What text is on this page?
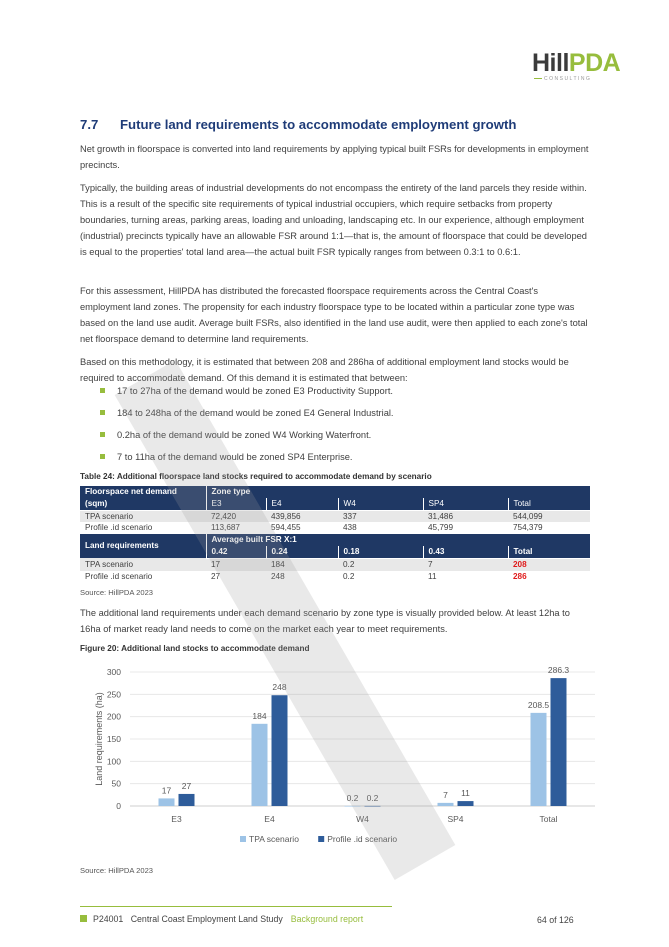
HillPDA
CONSULTING
7.7 Future land requirements to accommodate employment growth

Net growth in floorspace is converted into land requirements by applying typical built FSRs for developments in employment precincts.

Typically, the building areas of industrial developments do not encompass the entirety of the land parcels they reside within. This is a result of the specific site requirements of typical industrial occupiers, which require setbacks from property boundaries, turning areas, parking areas, loading and unloading, landscaping etc. In our experience, although employment (industrial) precincts typically have an allowable FSR around 1:1—that is, the amount of floorspace that could be developed is equal to the properties' total land area—the actual built FSR typically ranges from between 0.3:1 to 0.6:1.

For this assessment, HillPDA has distributed the forecasted floorspace requirements across the Central Coast's employment land zones. The propensity for each industry floorspace type to be located within a particular zone type was based on the land use audit. Average built FSRs, also identified in the land use audit, were then applied to each zone's total net floorspace demand to determine land requirements.

Based on this methodology, it is estimated that between 208 and 286ha of additional employment land stocks would be required to accommodate demand. Of this demand it is estimated that between:

17 to 27ha of the demand would be zoned E3 Productivity Support.
184 to 248ha of the demand would be zoned E4 General Industrial.
0.2ha of the demand would be zoned W4 Working Waterfront.
7 to 11ha of the demand would be zoned SP4 Enterprise.
Table 24: Additional floorspace land stocks required to accommodate demand by scenario
Floorspace net demand	Zone type				
(sqm)	E3	E4	W4	SP4	Total
TPA scenario	72,420	439,856	337	31,486	544,099
Profile .id scenario	113,687	594,455	438	45,799	754,379
Land requirements	Average built FSR X:1				
	0.42	0.24	0.18	0.43	Total
TPA scenario	17	184	0.2	7	208
Profile .id scenario	27	248	0.2	11	286
Source: HillPDA 2023

The additional land requirements under each demand scenario by zone type is visually provided below. At least 12ha to 16ha of market ready land needs to come on the market each year to meet requirements.

Figure 20: Additional land stocks to accommodate demand
0
50
100
150
200
250
300
Land requirements (ha)
17 27
E3
184
248
E4
0.2 0.2
W4
7 11
SP4
208.5
286.3
Total
TPA scenario	Profile .id scenario
Source: HillPDA 2023
P24001 Central Coast Employment Land Study Background report	64 of 126
